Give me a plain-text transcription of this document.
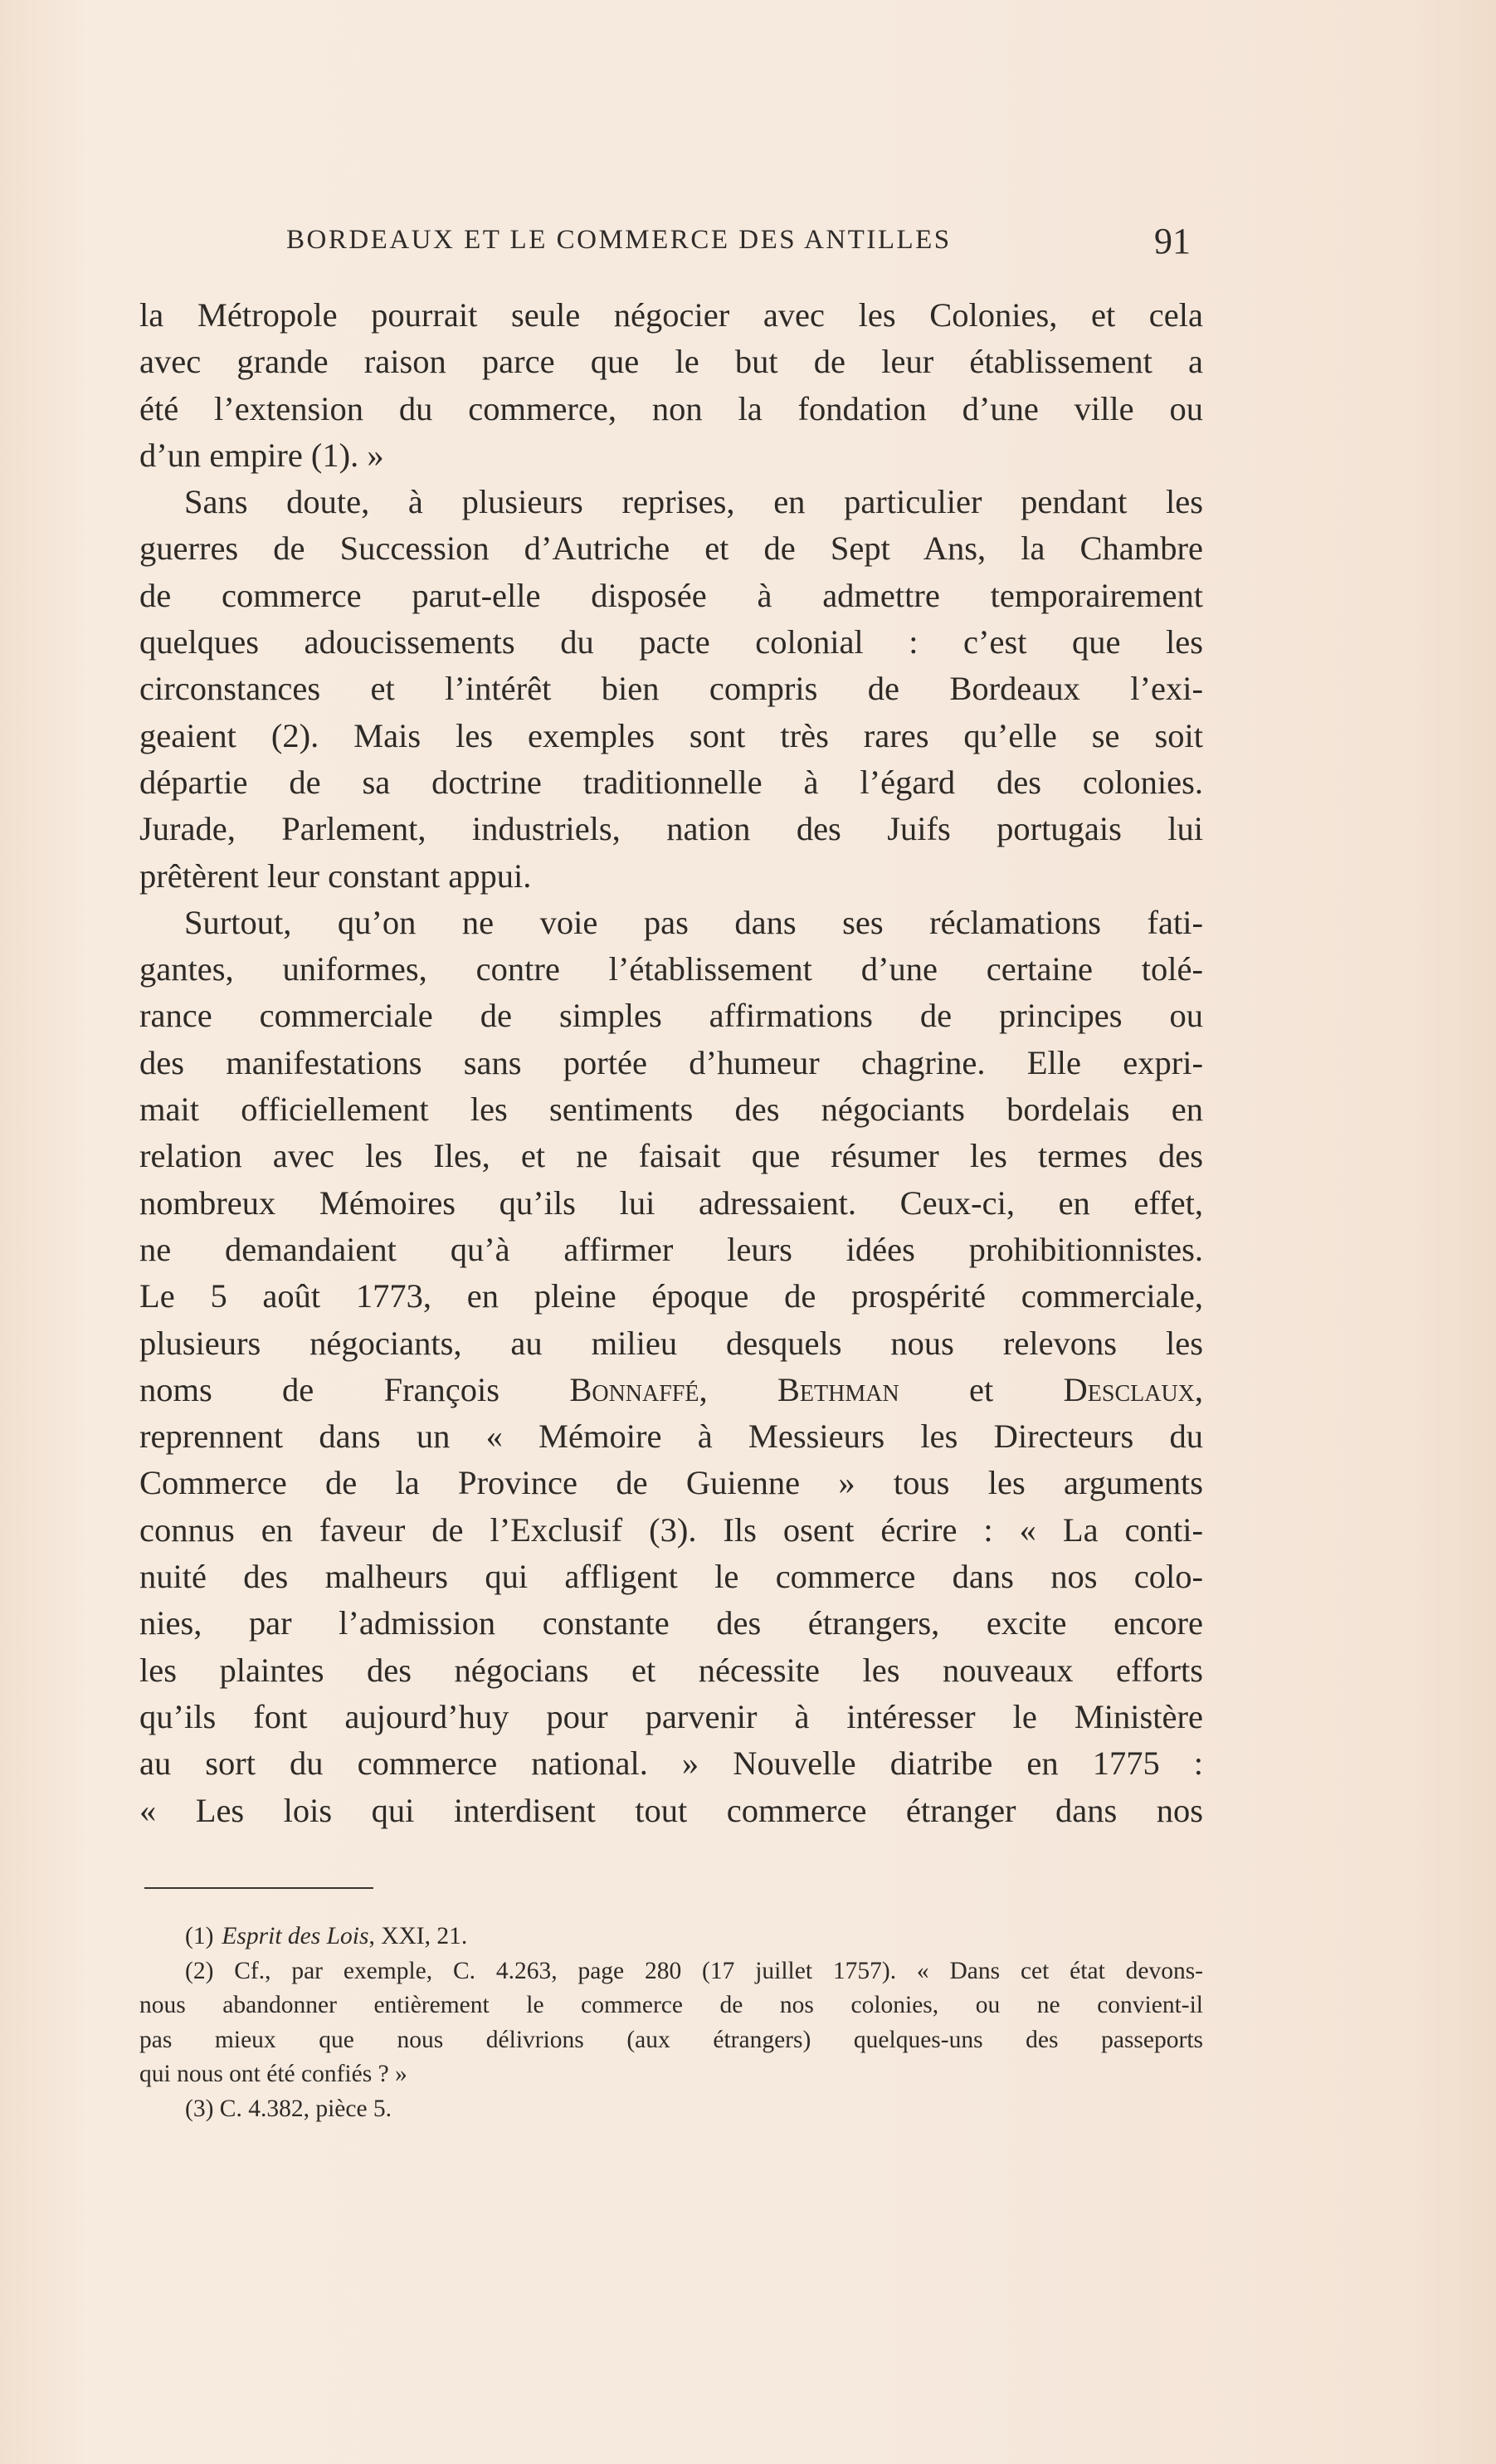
BORDEAUX ET LE COMMERCE DES ANTILLES	91
la Métropole pourrait seule négocier avec les Colonies, et cela
avec grande raison parce que le but de leur établissement a
été l’extension du commerce, non la fondation d’une ville ou
d’un empire (1). »
Sans doute, à plusieurs reprises, en particulier pendant les
guerres de Succession d’Autriche et de Sept Ans, la Chambre
de commerce parut-elle disposée à admettre temporairement
quelques adoucissements du pacte colonial : c’est que les
circonstances et l’intérêt bien compris de Bordeaux l’exi-
geaient (2). Mais les exemples sont très rares qu’elle se soit
départie de sa doctrine traditionnelle à l’égard des colonies.
Jurade, Parlement, industriels, nation des Juifs portugais lui
prêtèrent leur constant appui.
Surtout, qu’on ne voie pas dans ses réclamations fati-
gantes, uniformes, contre l’établissement d’une certaine tolé-
rance commerciale de simples affirmations de principes ou
des manifestations sans portée d’humeur chagrine. Elle expri-
mait officiellement les sentiments des négociants bordelais en
relation avec les Iles, et ne faisait que résumer les termes des
nombreux Mémoires qu’ils lui adressaient. Ceux-ci, en effet,
ne demandaient qu’à affirmer leurs idées prohibitionnistes.
Le 5 août 1773, en pleine époque de prospérité commerciale,
plusieurs négociants, au milieu desquels nous relevons les
noms de François Bonnaffé, Bethman et Desclaux,
reprennent dans un « Mémoire à Messieurs les Directeurs du
Commerce de la Province de Guienne » tous les arguments
connus en faveur de l’Exclusif (3). Ils osent écrire : « La conti-
nuité des malheurs qui affligent le commerce dans nos colo-
nies, par l’admission constante des étrangers, excite encore
les plaintes des négocians et nécessite les nouveaux efforts
qu’ils font aujourd’huy pour parvenir à intéresser le Ministère
au sort du commerce national. » Nouvelle diatribe en 1775 :
« Les lois qui interdisent tout commerce étranger dans nos
(1) Esprit des Lois, XXI, 21.
(2) Cf., par exemple, C. 4.263, page 280 (17 juillet 1757). « Dans cet état devons-
nous abandonner entièrement le commerce de nos colonies, ou ne convient-il
pas mieux que nous délivrions (aux étrangers) quelques-uns des passeports
qui nous ont été confiés ? »
(3) C. 4.382, pièce 5.
